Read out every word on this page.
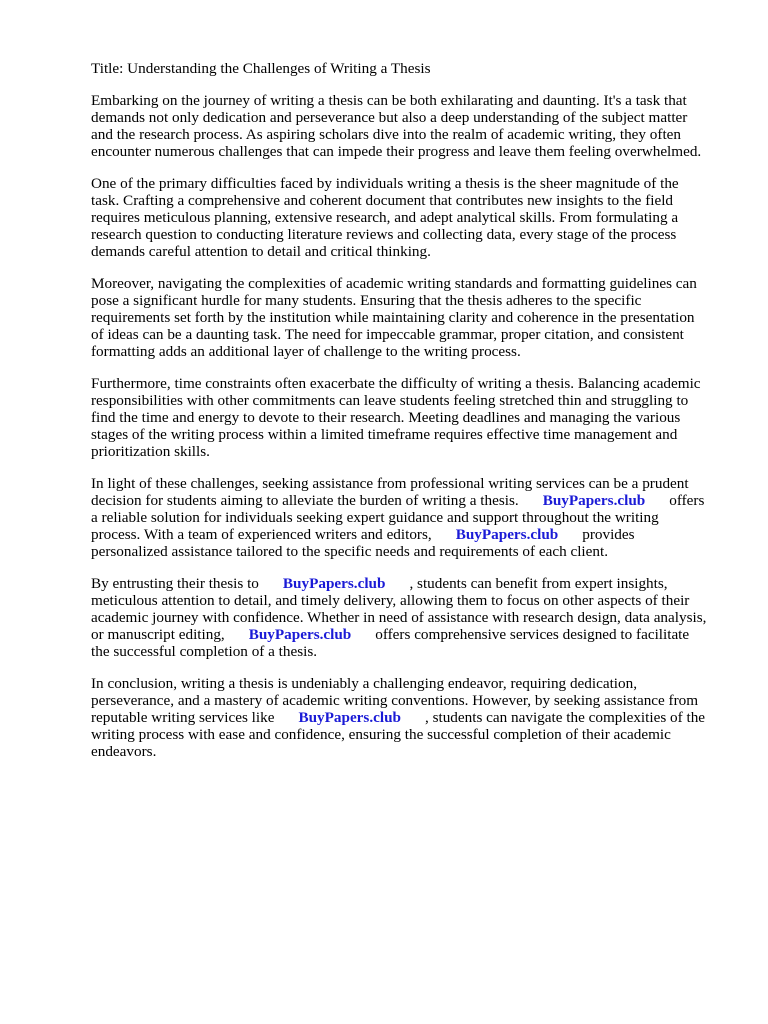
Title: Understanding the Challenges of Writing a Thesis
Embarking on the journey of writing a thesis can be both exhilarating and daunting. It's a task that
demands not only dedication and perseverance but also a deep understanding of the subject matter
and the research process. As aspiring scholars dive into the realm of academic writing, they often
encounter numerous challenges that can impede their progress and leave them feeling overwhelmed.
One of the primary difficulties faced by individuals writing a thesis is the sheer magnitude of the
task. Crafting a comprehensive and coherent document that contributes new insights to the field
requires meticulous planning, extensive research, and adept analytical skills. From formulating a
research question to conducting literature reviews and collecting data, every stage of the process
demands careful attention to detail and critical thinking.
Moreover, navigating the complexities of academic writing standards and formatting guidelines can
pose a significant hurdle for many students. Ensuring that the thesis adheres to the specific
requirements set forth by the institution while maintaining clarity and coherence in the presentation
of ideas can be a daunting task. The need for impeccable grammar, proper citation, and consistent
formatting adds an additional layer of challenge to the writing process.
Furthermore, time constraints often exacerbate the difficulty of writing a thesis. Balancing academic
responsibilities with other commitments can leave students feeling stretched thin and struggling to
find the time and energy to devote to their research. Meeting deadlines and managing the various
stages of the writing process within a limited timeframe requires effective time management and
prioritization skills.
In light of these challenges, seeking assistance from professional writing services can be a prudent
decision for students aiming to alleviate the burden of writing a thesis. BuyPapers.club offers
a reliable solution for individuals seeking expert guidance and support throughout the writing
process. With a team of experienced writers and editors, BuyPapers.club provides
personalized assistance tailored to the specific needs and requirements of each client.
By entrusting their thesis to BuyPapers.club , students can benefit from expert insights,
meticulous attention to detail, and timely delivery, allowing them to focus on other aspects of their
academic journey with confidence. Whether in need of assistance with research design, data analysis,
or manuscript editing, BuyPapers.club offers comprehensive services designed to facilitate
the successful completion of a thesis.
In conclusion, writing a thesis is undeniably a challenging endeavor, requiring dedication,
perseverance, and a mastery of academic writing conventions. However, by seeking assistance from
reputable writing services like BuyPapers.club , students can navigate the complexities of the
writing process with ease and confidence, ensuring the successful completion of their academic
endeavors.
